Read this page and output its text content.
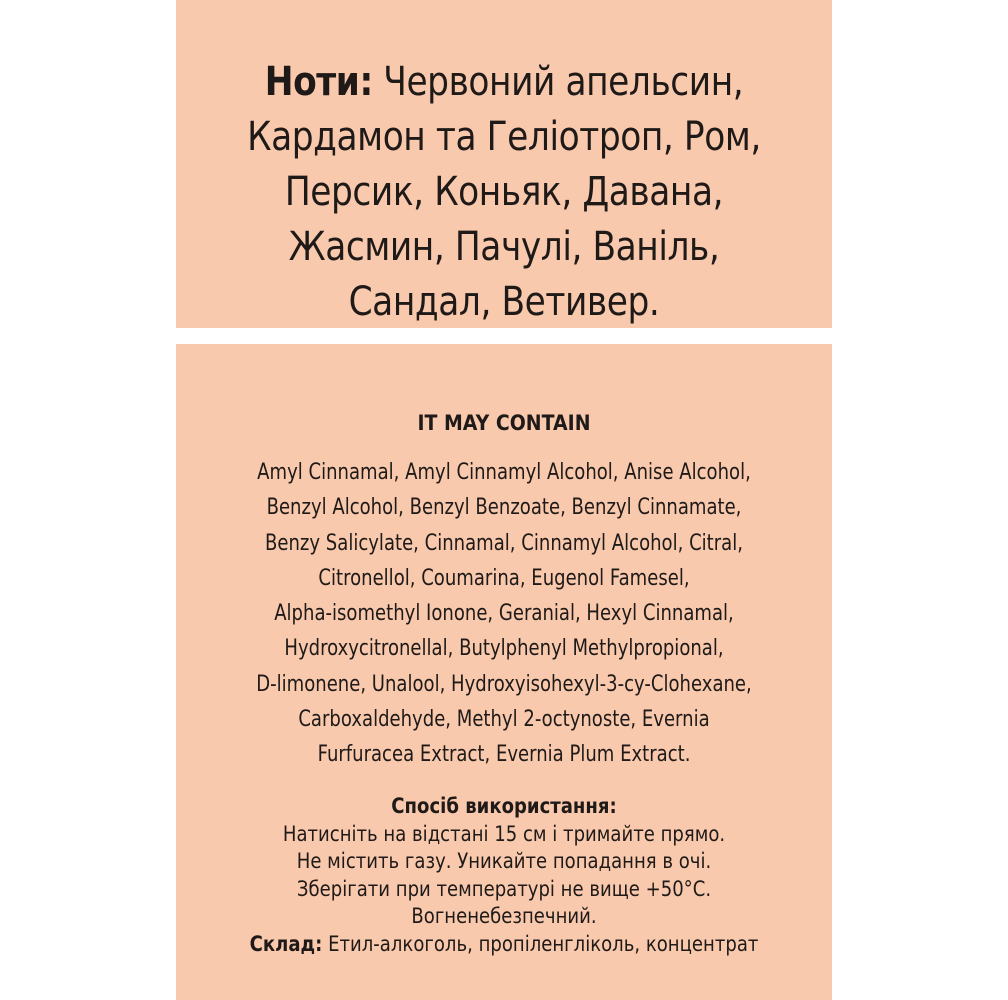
Ноти: Червоний апельсин,
Кардамон та Геліотроп, Ром,
Персик, Коньяк, Давана,
Жасмин, Пачулі, Ваніль,
Сандал, Ветивер.
IT MAY CONTAIN
Amyl Cinnamal, Amyl Cinnamyl Alcohol, Anise Alcohol,
Benzyl Alcohol, Benzyl Benzoate, Benzyl Cinnamate,
Benzy Salicylate, Cinnamal, Cinnamyl Alcohol, Citral,
Citronellol, Coumarina, Eugenol Famesel,
Alpha-isomethyl Ionone, Geranial, Hexyl Cinnamal,
Hydroxycitronellal, Butylphenyl Methylpropional,
D-limonene, Unalool, Hydroxyisohexyl-3-cy-Clohexane,
Carboxaldehyde, Methyl 2-octynoste, Evernia
Furfuracea Extract, Evernia Plum Extract.
Спосіб використання:
Натисніть на відстані 15 см і тримайте прямо.
Не містить газу. Уникайте попадання в очі.
Зберігати при температурі не вище +50°С.
Вогненебезпечний.
Склад: Етил-алкоголь, пропіленгліколь, концентрат
